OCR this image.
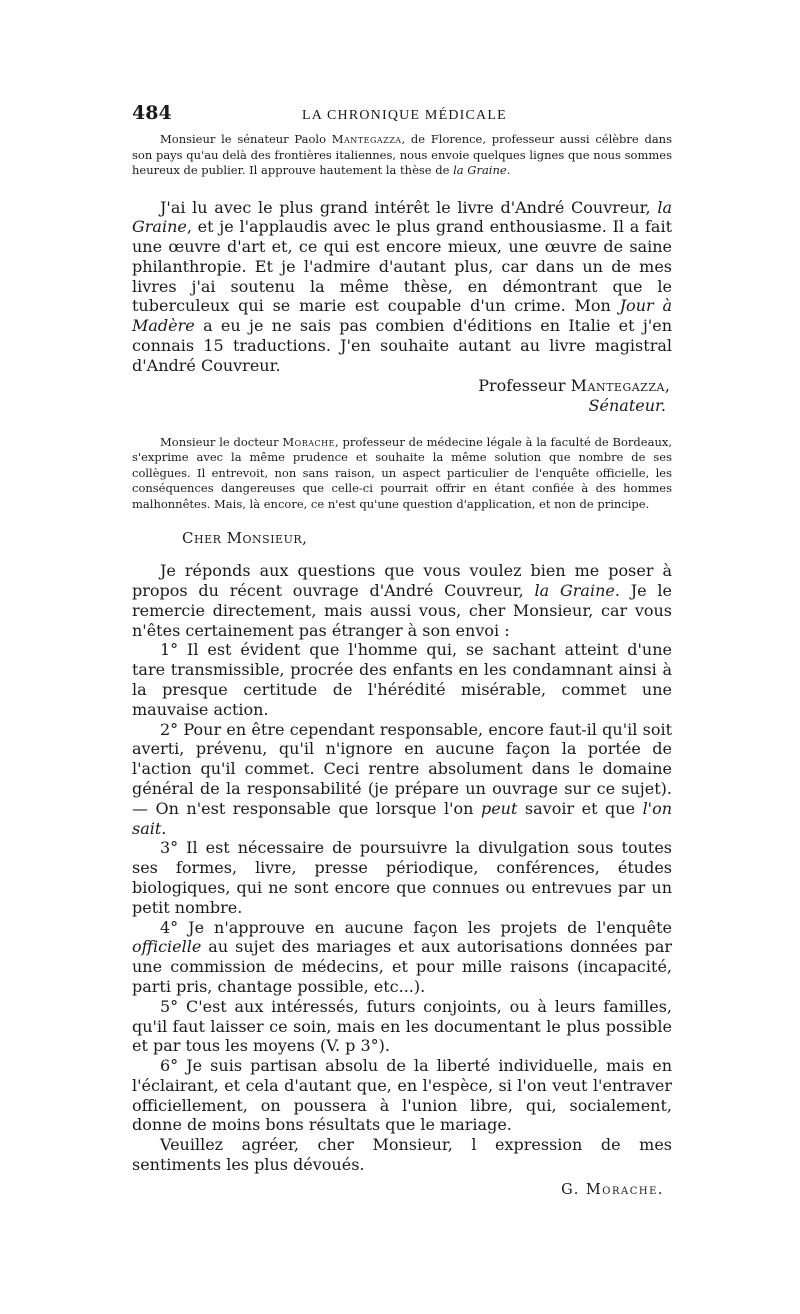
484	LA CHRONIQUE MÉDICALE

Monsieur le sénateur Paolo Mantegazza, de Florence, professeur aussi célèbre dans son pays qu'au delà des frontières italiennes, nous envoie quelques lignes que nous sommes heureux de publier. Il approuve hautement la thèse de la Graine.

J'ai lu avec le plus grand intérêt le livre d'André Couvreur, la Graine, et je l'applaudis avec le plus grand enthousiasme. Il a fait une œuvre d'art et, ce qui est encore mieux, une œuvre de saine philanthropie. Et je l'admire d'autant plus, car dans un de mes livres j'ai soutenu la même thèse, en démontrant que le tuberculeux qui se marie est coupable d'un crime. Mon Jour à Madère a eu je ne sais pas combien d'éditions en Italie et j'en connais 15 traductions. J'en souhaite autant au livre magistral d'André Couvreur.

Professeur Mantegazza,
Sénateur.

Monsieur le docteur Morache, professeur de médecine légale à la faculté de Bordeaux, s'exprime avec la même prudence et souhaite la même solution que nombre de ses collègues. Il entrevoit, non sans raison, un aspect particulier de l'enquête officielle, les conséquences dangereuses que celle-ci pourrait offrir en étant confiée à des hommes malhonnêtes. Mais, là encore, ce n'est qu'une question d'application, et non de principe.

Cher Monsieur,

Je réponds aux questions que vous voulez bien me poser à propos du récent ouvrage d'André Couvreur, la Graine. Je le remercie directement, mais aussi vous, cher Monsieur, car vous n'êtes certainement pas étranger à son envoi :

1° Il est évident que l'homme qui, se sachant atteint d'une tare transmissible, procrée des enfants en les condamnant ainsi à la presque certitude de l'hérédité misérable, commet une mauvaise action.

2° Pour en être cependant responsable, encore faut-il qu'il soit averti, prévenu, qu'il n'ignore en aucune façon la portée de l'action qu'il commet. Ceci rentre absolument dans le domaine général de la responsabilité (je prépare un ouvrage sur ce sujet). — On n'est responsable que lorsque l'on peut savoir et que l'on sait.

3° Il est nécessaire de poursuivre la divulgation sous toutes ses formes, livre, presse périodique, conférences, études biologiques, qui ne sont encore que connues ou entrevues par un petit nombre.

4° Je n'approuve en aucune façon les projets de l'enquête officielle au sujet des mariages et aux autorisations données par une commission de médecins, et pour mille raisons (incapacité, parti pris, chantage possible, etc...).

5° C'est aux intéressés, futurs conjoints, ou à leurs familles, qu'il faut laisser ce soin, mais en les documentant le plus possible et par tous les moyens (V. p 3°).

6° Je suis partisan absolu de la liberté individuelle, mais en l'éclairant, et cela d'autant que, en l'espèce, si l'on veut l'entraver officiellement, on poussera à l'union libre, qui, socialement, donne de moins bons résultats que le mariage.

Veuillez agréer, cher Monsieur, l expression de mes sentiments les plus dévoués.

G. Morache.
